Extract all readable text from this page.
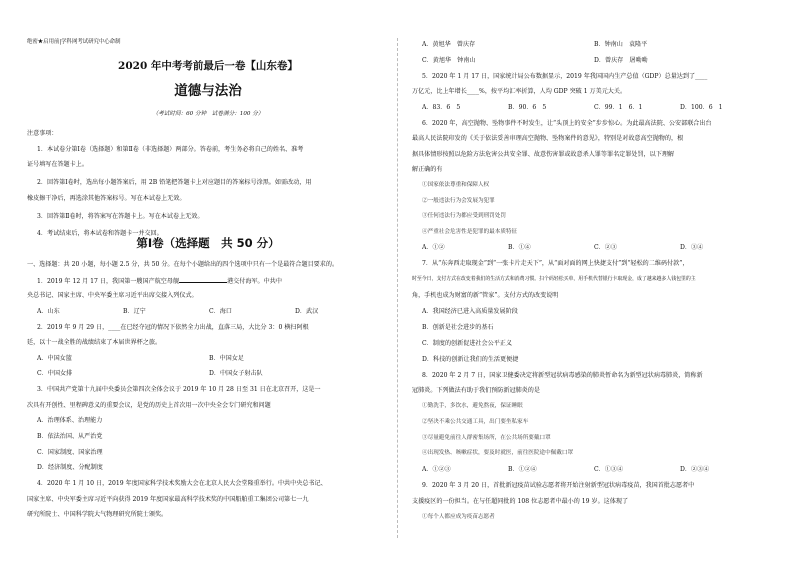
绝密★启用前|学科网考试研究中心命制
2020 年中考考前最后一卷【山东卷】
道德与法治
（考试时间：60 分钟　试卷满分：100 分）
注意事项：
1．本试卷分第Ⅰ卷（选择题）和第Ⅱ卷（非选择题）两部分。答卷前，考生务必将自己的姓名、准考
证号填写在答题卡上。
2．回答第Ⅰ卷时，选出每小题答案后，用 2B 铅笔把答题卡上对应题目的答案标号涂黑。如需改动，用
橡皮擦干净后，再选涂其他答案标号。写在本试卷上无效。
3．回答第Ⅱ卷时，将答案写在答题卡上。写在本试卷上无效。
4．考试结束后，将本试卷和答题卡一并交回。
第Ⅰ卷（选择题　共 50 分）
一、选择题：共 20 小题，每小题 2.5 分，共 50 分。在每个小题给出的四个选项中只有一个是最符合题目要求的。
1．2019 年 12 月 17 日，我国第一艘国产航空母舰	港交付海军。中共中
央总书记、国家主席、中央军委主席习近平出席交接入列仪式。
A．山东	B．辽宁	C．海口	D．武汉
2．2019 年 9 月 29 日，____在已经夺冠的情况下依然全力出战，直落三局，大比分 3：0 横扫阿根
廷，以十一战全胜的战绩结束了本届世界杯之旅。
A．中国女篮	B．中国女足
C．中国女排	D．中国女子射击队
3．中国共产党第十九届中央委员会第四次全体会议于 2019 年 10 月 28 日至 31 日在北京召开，这是一
次具有开创性、里程碑意义的重要会议，是党的历史上首次用一次中央全会专门研究和问题
A．治理体系、治理能力
B．依法治国、从严治党
C．国家制度、国家治理
D．经济制度、分配制度
4．2020 年 1 月 10 日，2019 年度国家科学技术奖励大会在北京人民大会堂隆重举行。中共中央总书记、
国家主席、中央军委主席习近平向获得 2019 年度国家最高科学技术奖的中国船舶重工集团公司第七一九
研究所院士、中国科学院大气物理研究所院士颁奖。
A．黄旭华　曾庆存	B．钟南山　袁隆平
C．黄旭华　钟南山	D．曾庆存　屠呦呦
5．2020 年 1 月 17 日，国家统计局公布数据显示，2019 年我国国内生产总值（GDP）总量达到了____
万亿元，比上年增长____%，按平均汇率折算，人均 GDP 突破 1 万美元大关。
A．83．6　5	B．90．6　5	C．99．1　6．1	D．100．6　1
6．2020 年，高空抛物、坠物事件不时发生，让“头顶上的安全”步步惊心。为此最高法院、公安部联合出台
最高人民法院印发的《关于依法妥善审理高空抛物、坠物案件的意见》，特别是对故意高空抛物的，根
据具体情形按照以危险方法危害公共安全罪、故意伤害罪或故意杀人罪等罪名定罪处罚，以下理解
解正确的有
①国家依法尊重和保障人权
②一般违法行为会发展为犯罪
③任何违法行为都应受到刑罚处罚
④严重社会危害性是犯罪的最本质特征
A．①②	B．①④	C．②③	D．③④
7．从“东奔西走取现金”到“一张卡片走天下”，从“面对面的网上快捷支付”到“轻松的二维码付款”，
时至今日，支付方式在改变着我们的生活方式和消费习惯。扫个码轻松买单，用手机代替银行卡取现金，成了越来越多人钱包里的主
角，手机也成为财富的新“管家”。支付方式的改变说明
A．我国经济已进入高质量发展阶段
B．创新是社会进步的基石
C．制度的创新促进社会公平正义
D．科技的创新让我们的生活更便捷
8．2020 年 2 月 7 日，国家卫健委决定将新型冠状病毒感染的肺炎暂命名为新型冠状病毒肺炎，简称新
冠肺炎。下列做法有助于我们预防新冠肺炎的是
①勤洗手，多饮水，避免熬夜，保证睡眠
②坚决不乘公共交通工具，出门要坐私家车
③尽量避免前往人群密集场所，在公共场所要戴口罩
④出现发热、咳嗽症状，要及时就医，前往医院途中佩戴口罩
A．①②③	B．①②④	C．①③④	D．②③④
9．2020 年 3 月 20 日，首批新冠疫苗试验志愿者将开始注射新型冠状病毒疫苗，我国首批志愿者中
支援疫区的一份担当。在与任超同批的 108 位志愿者中最小的 19 岁。这体现了
①每个人都应成为疫苗志愿者
